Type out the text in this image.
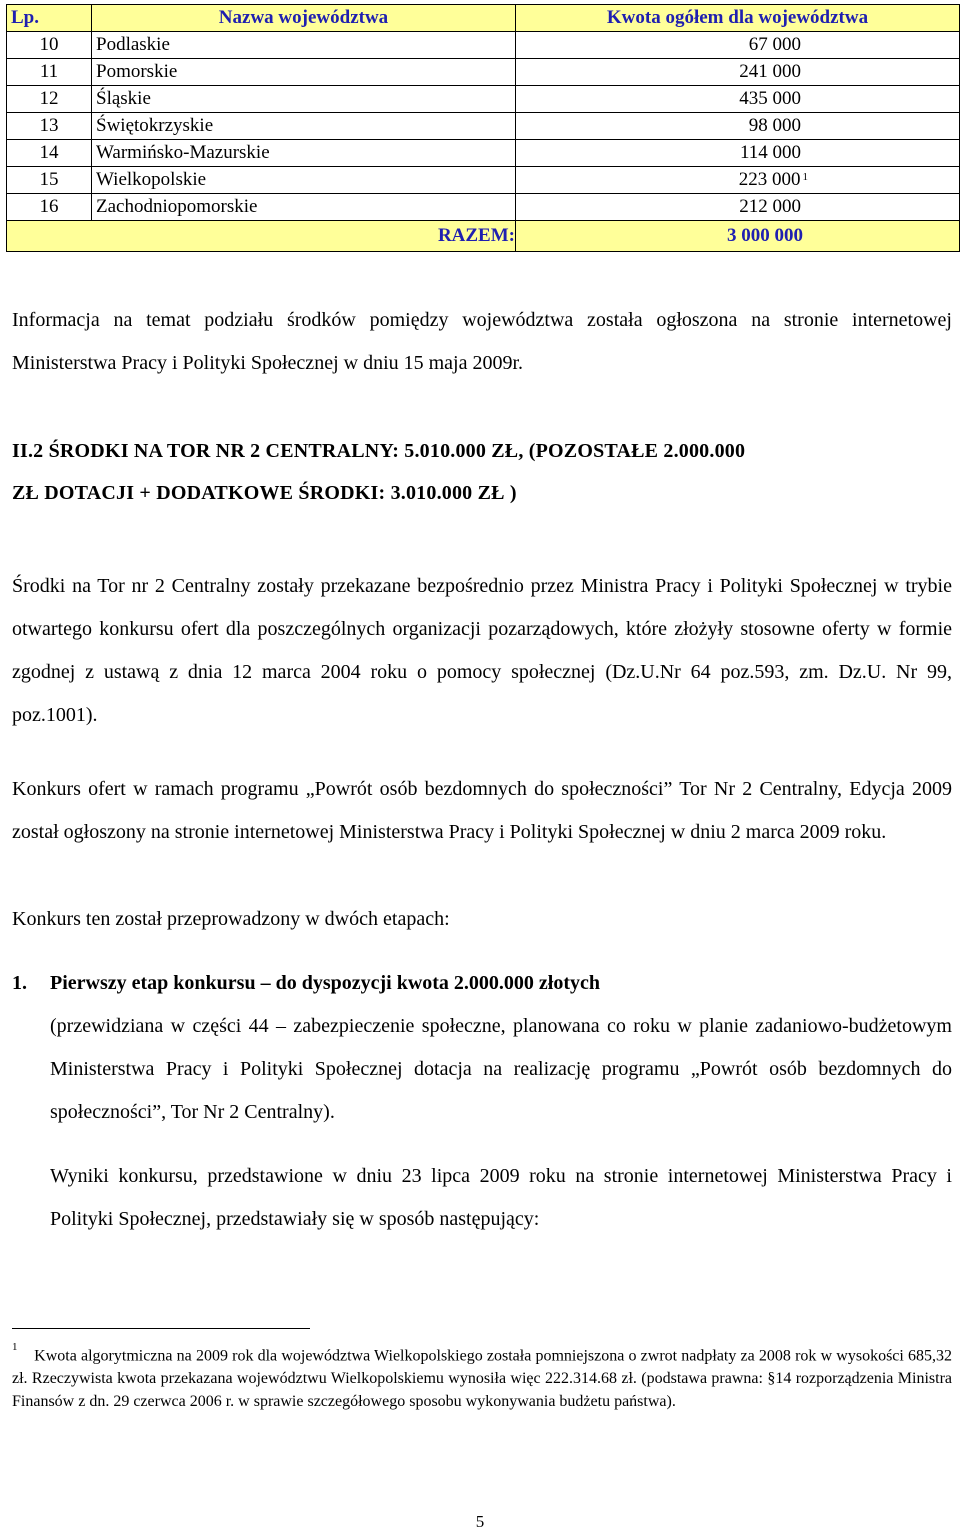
Lp.	Nazwa województwa	Kwota ogółem dla województwa
10	Podlaskie	67 000
11	Pomorskie	241 000
12	Śląskie	435 000
13	Świętokrzyskie	98 000
14	Warmińsko-Mazurskie	114 000
15	Wielkopolskie	223 000 $^1$
16	Zachodniopomorskie	212 000
RAZEM:		3 000 000
Informacja na temat podziału środków pomiędzy województwa została ogłoszona na stronie internetowej Ministerstwa Pracy i Polityki Społecznej w dniu 15 maja 2009r.
II.2 ŚRODKI NA TOR NR 2 CENTRALNY: 5.010.000 ZŁ, (POZOSTAŁE 2.000.000
ZŁ DOTACJI + DODATKOWE ŚRODKI: 3.010.000 ZŁ )
Środki na Tor nr 2 Centralny zostały przekazane bezpośrednio przez Ministra Pracy i Polityki Społecznej w trybie otwartego konkursu ofert dla poszczególnych organizacji pozarządowych, które złożyły stosowne oferty w formie zgodnej z ustawą z dnia 12 marca 2004 roku o pomocy społecznej (Dz.U.Nr 64 poz.593, zm. Dz.U. Nr 99, poz.1001).
Konkurs ofert w ramach programu „Powrót osób bezdomnych do społeczności” Tor Nr 2 Centralny, Edycja 2009 został ogłoszony na stronie internetowej Ministerstwa Pracy i Polityki Społecznej w dniu 2 marca 2009 roku.
Konkurs ten został przeprowadzony w dwóch etapach:
1. Pierwszy etap konkursu – do dyspozycji kwota 2.000.000 złotych
(przewidziana w części 44 – zabezpieczenie społeczne, planowana co roku w planie zadaniowo-budżetowym Ministerstwa Pracy i Polityki Społecznej dotacja na realizację programu „Powrót osób bezdomnych do społeczności”, Tor Nr 2 Centralny).
Wyniki konkursu, przedstawione w dniu 23 lipca 2009 roku na stronie internetowej Ministerstwa Pracy i Polityki Społecznej, przedstawiały się w sposób następujący:
$^1$    Kwota algorytmiczna na 2009 rok dla województwa Wielkopolskiego została pomniejszona o zwrot nadpłaty za 2008 rok w wysokości 685,32 zł. Rzeczywista kwota przekazana województwu Wielkopolskiemu wynosiła więc 222.314.68 zł. (podstawa prawna: §14 rozporządzenia Ministra Finansów z dn. 29 czerwca 2006 r. w sprawie szczegółowego sposobu wykonywania budżetu państwa).
5
